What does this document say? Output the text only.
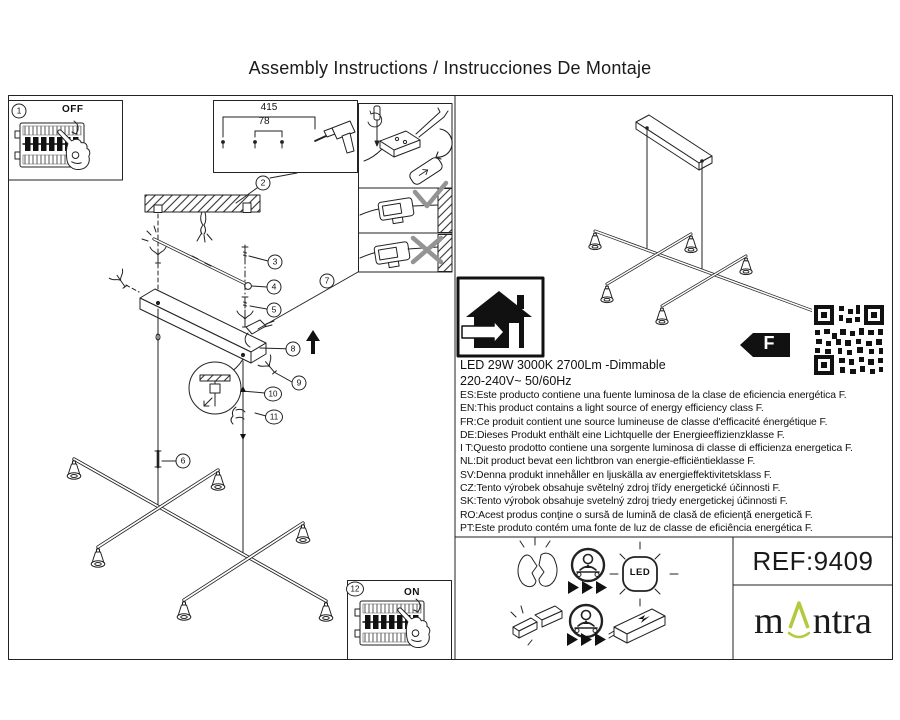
Assembly Instructions / Instrucciones De Montaje
1
2
3
4
5
6
7
8
9
10
11
12
OFF
ON
415
78
LED 29W 3000K 2700Lm -Dimmable
220-240V~ 50/60Hz
ES:Este producto contiene una fuente luminosa de la clase de eficiencia energética F.
EN:This product contains a light source of energy efficiency class F.
FR:Ce produit contient une source lumineuse de classe d'efficacité énergétique F.
DE:Dieses Produkt enthält eine Lichtquelle der Energieeffizienzklasse F.
I T:Questo prodotto contiene una sorgente luminosa di classe di efficienza energetica F.
NL:Dit product bevat een lichtbron van energie-efficiëntieklasse F.
SV:Denna produkt innehåller en ljuskälla av energieffektivitetsklass F.
CZ:Tento výrobek obsahuje světelný zdroj třídy energetické účinnosti F.
SK:Tento výrobok obsahuje svetelný zdroj triedy energetickej účinnosti F.
RO:Acest produs conţine o sursă de lumină de clasă de eficienţă energetică F.
PT:Este produto contém uma fonte de luz de classe de eficiência energética F.
F
LED	REF:9409
m ntra
